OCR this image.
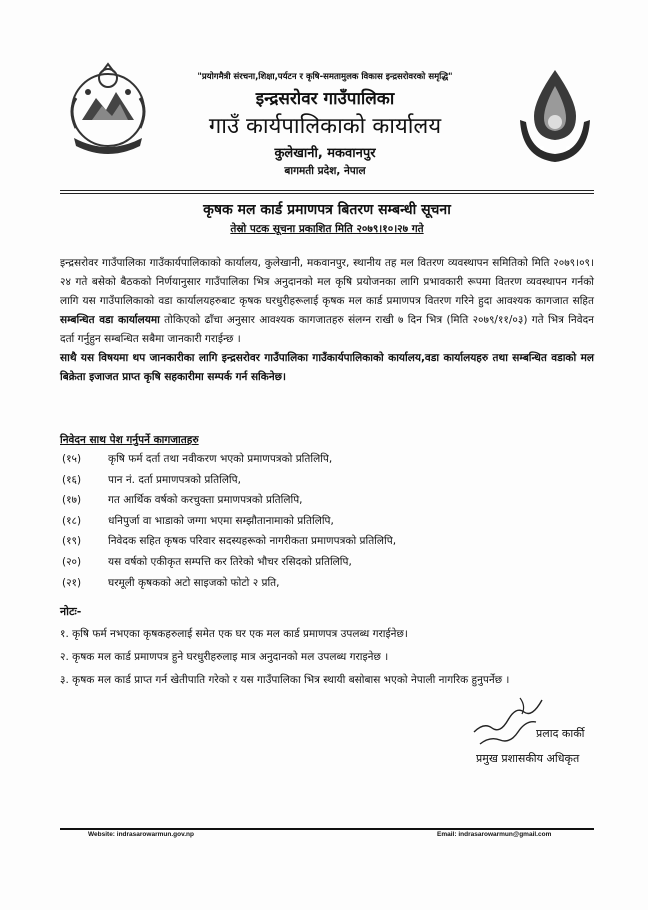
"प्रयोगमैत्री संरचना,शिक्षा,पर्यटन र कृषि-समतामुलक विकास इन्द्रसरोवरको समृद्धि"
इन्द्रसरोवर गाउँपालिका
गाउँ कार्यपालिकाको कार्यालय
कुलेखानी, मकवानपुर
बागमती प्रदेश, नेपाल
कृषक मल कार्ड प्रमाणपत्र बितरण सम्बन्धी सूचना
तेस्रो पटक सूचना प्रकाशित मिति २०७९।१०।२७ गते

इन्द्रसरोवर गाउँपालिका गाउँकार्यपालिकाको कार्यालय, कुलेखानी, मकवानपुर, स्थानीय तह मल वितरण व्यवस्थापन समितिको मिति २०७९।०९।२४ गते बसेको बैठकको निर्णयानुसार गाउँपालिका भित्र अनुदानको मल कृषि प्रयोजनका लागि प्रभावकारी रूपमा वितरण व्यवस्थापन गर्नको लागि यस गाउँपालिकाको वडा कार्यालयहरुबाट कृषक घरधुरीहरूलाई कृषक मल कार्ड प्रमाणपत्र वितरण गरिने हुदा आवश्यक कागजात सहित सम्बन्धित वडा कार्यालयमा तोकिएको ढाँचा अनुसार आवश्यक कागजातहरु संलग्न राखी ७ दिन भित्र (मिति २०७९/११/०३) गते भित्र निवेदन दर्ता गर्नुहुन सम्बन्धित सबैमा जानकारी गराईन्छ ।

साथै यस विषयमा थप जानकारीका लागि इन्द्रसरोवर गाउँपालिका गाउँकार्यपालिकाको कार्यालय,वडा कार्यालयहरु तथा सम्बन्धित वडाको मल बिक्रेता इजाजत प्राप्त कृषि सहकारीमा सम्पर्क गर्न सकिनेछ।

निवेदन साथ पेश गर्नुपर्ने कागजातहरु
(१५)	कृषि फर्म दर्ता तथा नवीकरण भएको प्रमाणपत्रको प्रतिलिपि,
(१६)	पान नं. दर्ता प्रमाणपत्रको प्रतिलिपि,
(१७)	गत आर्थिक वर्षको करचुक्ता प्रमाणपत्रको प्रतिलिपि,
(१८)	धनिपुर्जा वा भाडाको जग्गा भएमा सम्झौतानामाको प्रतिलिपि,
(१९)	निवेदक सहित कृषक परिवार सदस्यहरूको नागरीकता प्रमाणपत्रको प्रतिलिपि,
(२०)	यस वर्षको एकीकृत सम्पत्ति कर तिरेको भौचर रसिदको प्रतिलिपि,
(२१)	घरमूली कृषकको अटो साइजको फोटो २ प्रति,
नोटः-
१. कृषि फर्म नभएका कृषकहरुलाई समेत एक घर एक मल कार्ड प्रमाणपत्र उपलब्ध गराईनेछ।
२. कृषक मल कार्ड प्रमाणपत्र हुने घरधुरीहरुलाइ मात्र अनुदानको मल उपलब्ध गराइनेछ ।
३. कृषक मल कार्ड प्राप्त गर्न खेतीपाति गरेको र यस गाउँपालिका भित्र स्थायी बसोबास भएको नेपाली नागरिक हुनुपर्नेछ ।
प्रलाद कार्की
प्रमुख प्रशासकीय अधिकृत
Website: indrasarowarmun.gov.np	Email: indrasarowarmun@gmail.com
